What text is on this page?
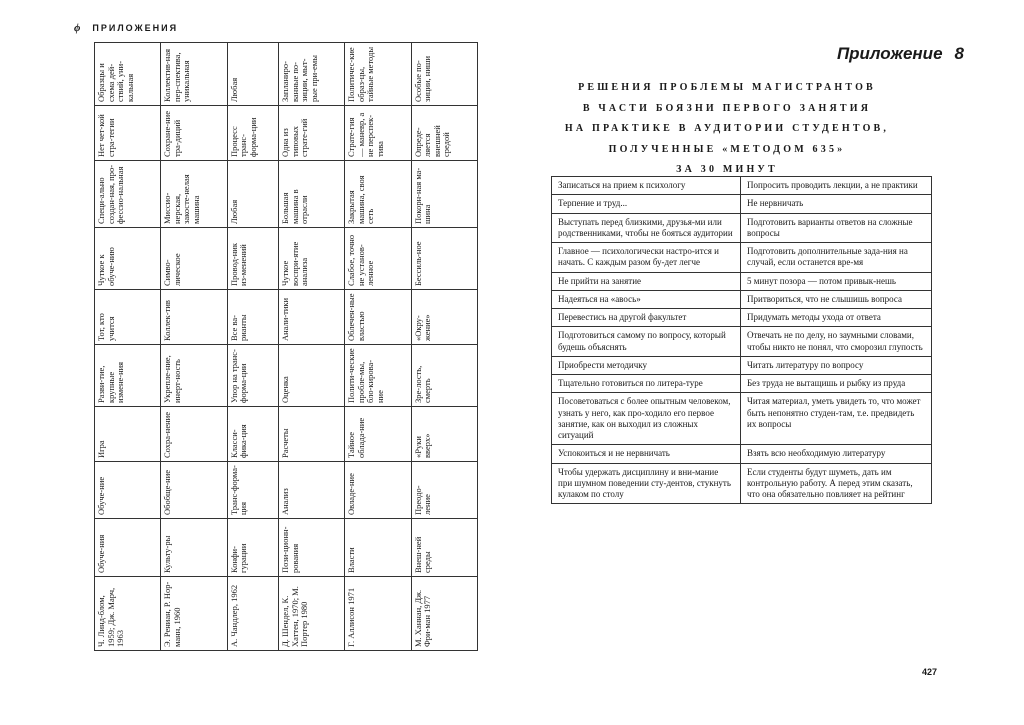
ϕ ПРИЛОЖЕНИЯ
Ч. Линд-блом, 1959; Дж. Марч, 1963	Обуче-ния	Обуче-ние	Игра	Разви-тие, крупные измене-ния	Тот, кто учится	Чуткое к обуче-нию	Специ-ально создан-ная, про-фессио-нальная	Нет чет-кой стра-тегии	Образцы и схема дей-ствий, уни-кальная
Э. Рениан, Р. Нор-манн, 1960	Культу-ры	Обобще-ние	Сохра-нение	Укрепле-ние, инерт-ность	Коллек-тив	Симво-лическое	Миссио-нерская, закосте-нелая машина	Сохране-ние тра-диций	Коллектив-ная пер-спектива, уникальная
А. Чандлер, 1962	Конфи-гурации	Транс-форма-ция	Класси-фика-ция	Упор на транс-форма-ции	Все ва-рианты	Провод-ник из-менений	Любая	Процесс транс-форма-ции	Любая
Д. Шендел, К. Хаттен, 1970; М. Портер 1980	Пози-ционн-рования	Анализ	Расчеты	Оценка	Анали-тики	Чуткое воспри-ятие анализа	Большая машина в отрасли	Одна из типовых страте-гий	Запланиро-ванные по-зиции, мыт-рые при-емы
Г. Аллисон 1971	Власти	Овладе-ние	Тайное облада-ние	Полити-ческие пробле-мы, бло-кирова-ние	Облечен-ные властью	Слабое, точно не установ-ленное	Закрытая машина, своя сеть	Страте-гия — маневр, а не перспек-тива	Политичес-кие образ-цы, тайные методы
М. Ханнан, Дж. Фри-ман 1977	Внеш-ней среды	Преодо-ление	«Руки вверх»	Зре-лость, смерть	«Окру-жение»	Бессиль-ное	Покорн-ная ма-шина	Опреде-ляется внешней средой	Особые по-зиции, ниши
Приложение 8
РЕШЕНИЯ ПРОБЛЕМЫ МАГИСТРАНТОВ
В ЧАСТИ БОЯЗНИ ПЕРВОГО ЗАНЯТИЯ
НА ПРАКТИКЕ В АУДИТОРИИ СТУДЕНТОВ,
ПОЛУЧЕННЫЕ «МЕТОДОМ 635»
ЗА 30 МИНУТ
Записаться на прием к психологу	Попросить проводить лекции, а не практики
Терпение и труд...	Не нервничать
Выступать перед близкими, друзья-ми или родственниками, чтобы не бояться аудитории	Подготовить варианты ответов на сложные вопросы
Главное — психологически настро-ится и начать. С каждым разом бу-дет легче	Подготовить дополнительные зада-ния на случай, если останется вре-мя
Не прийти на занятие	5 минут позора — потом привык-нешь
Надеяться на «авось»	Притвориться, что не слышишь вопроса
Перевестись на другой факультет	Придумать методы ухода от ответа
Подготовиться самому по вопросу, который будешь объяснять	Отвечать не по делу, но заумными словами, чтобы никто не понял, что сморозил глупость
Приобрести методичку	Читать литературу по вопросу
Тщательно готовиться по литера-туре	Без труда не вытащишь и рыбку из пруда
Посоветоваться с более опытным человеком, узнать у него, как про-ходило его первое занятие, как он выходил из сложных ситуаций	Читая материал, уметь увидеть то, что может быть непонятно студен-там, т.е. предвидеть их вопросы
Успокоиться и не нервничать	Взять всю необходимую литературу
Чтобы удержать дисциплину и вни-мание при шумном поведении сту-дентов, стукнуть кулаком по столу	Если студенты будут шуметь, дать им контрольную работу. А перед этим сказать, что она обязательно повлияет на рейтинг
427
